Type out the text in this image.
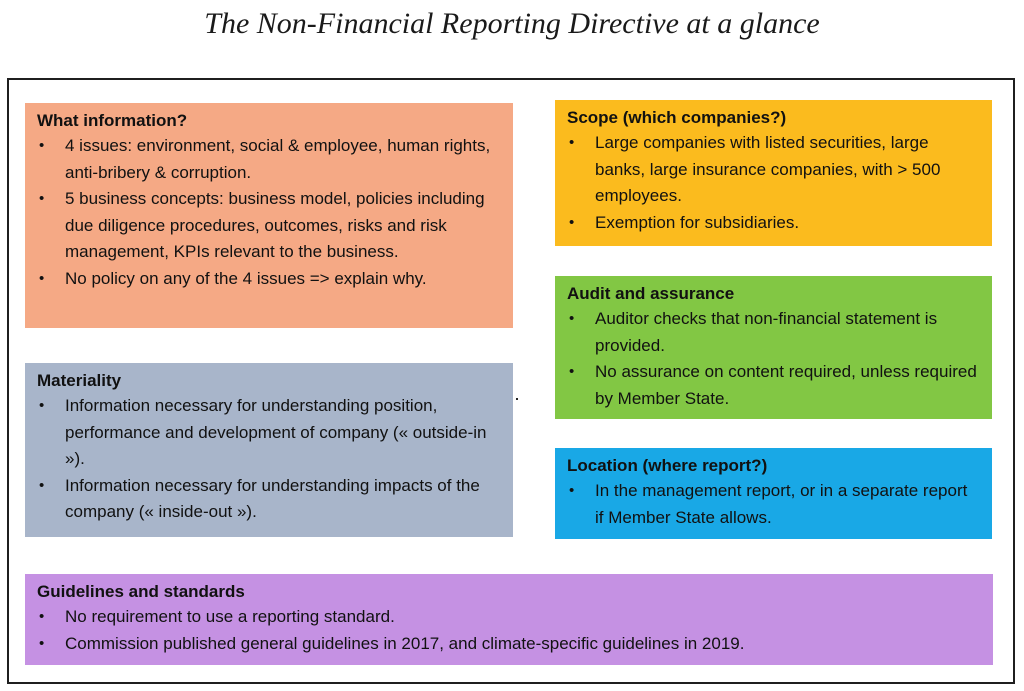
The Non-Financial Reporting Directive at a glance
What information?
• 4 issues: environment, social & employee, human rights, anti-bribery & corruption.
• 5 business concepts: business model, policies including due diligence procedures, outcomes, risks and risk management, KPIs relevant to the business.
• No policy on any of the 4 issues => explain why.
Materiality
• Information necessary for understanding position, performance and development of company (« outside-in »).
• Information necessary for understanding impacts of the company (« inside-out »).
Scope (which companies?)
• Large companies with listed securities, large banks, large insurance companies, with > 500 employees.
• Exemption for subsidiaries.
Audit and assurance
• Auditor checks that non-financial statement is provided.
• No assurance on content required, unless required by Member State.
Location (where report?)
• In the management report, or in a separate report if Member State allows.
Guidelines and standards
• No requirement to use a reporting standard.
• Commission published general guidelines in 2017, and climate-specific guidelines in 2019.
